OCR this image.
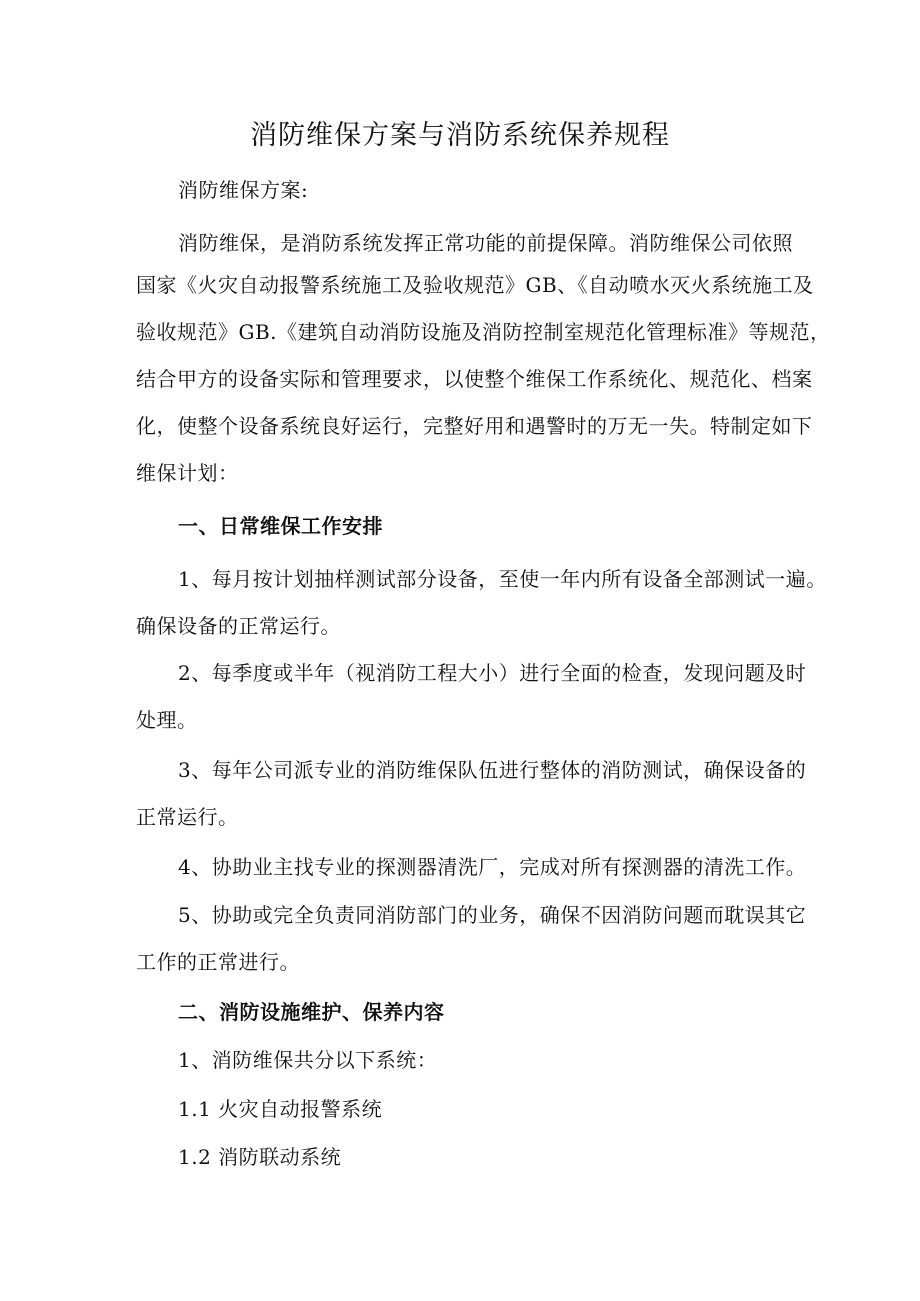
消防维保方案与消防系统保养规程

消防维保方案:

消防维保，是消防系统发挥正常功能的前提保障。消防维保公司依照

国家《火灾自动报警系统施工及验收规范》GB、《自动喷水灭火系统施工及

验收规范》GB.《建筑自动消防设施及消防控制室规范化管理标准》等规范，

结合甲方的设备实际和管理要求，以使整个维保工作系统化、规范化、档案

化，使整个设备系统良好运行，完整好用和遇警时的万无一失。特制定如下

维保计划：

一、日常维保工作安排

1、每月按计划抽样测试部分设备，至使一年内所有设备全部测试一遍。

确保设备的正常运行。

2、每季度或半年（视消防工程大小）进行全面的检查，发现问题及时

处理。

3、每年公司派专业的消防维保队伍进行整体的消防测试，确保设备的

正常运行。

4、协助业主找专业的探测器清洗厂，完成对所有探测器的清洗工作。

5、协助或完全负责同消防部门的业务，确保不因消防问题而耽误其它

工作的正常进行。

二、消防设施维护、保养内容

1、消防维保共分以下系统：

1.1 火灾自动报警系统

1.2 消防联动系统
